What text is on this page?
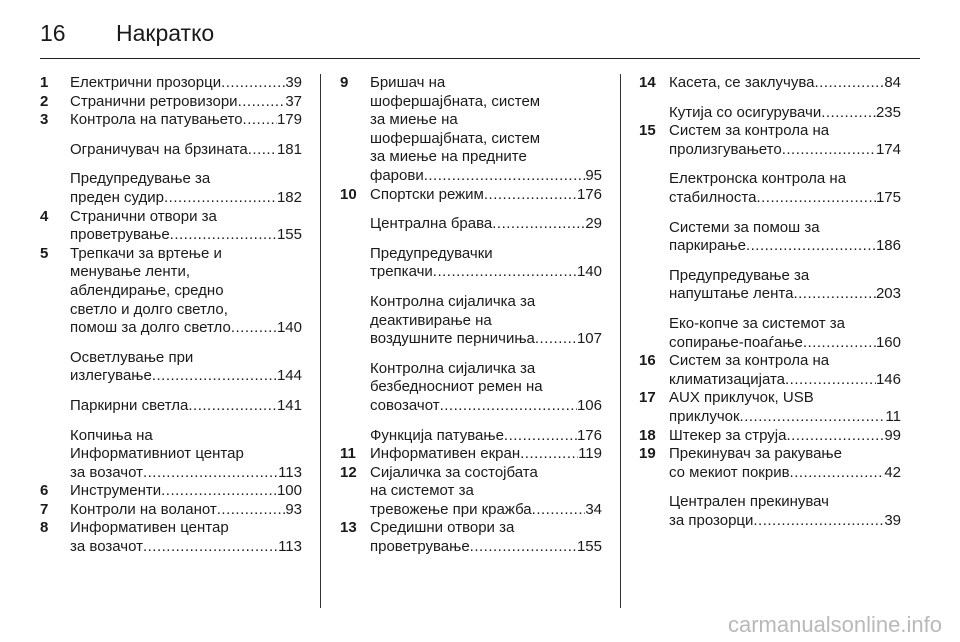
16 Накратко
1 Електрични прозорци .....	39
2 Странични ретровизори .....	37
3 Контрола на патувањето ..... 179
Ограничувач на брзината ..... 181
Предупредување за
преден судир .....	182
4 Странични отвори за
проветрување .....	155
5 Трепкачи за вртење и
менување ленти,
аблендирање, средно
светло и долго светло,
помош за долго светло .....	140
Осветлување при
излегување .....	144
Паркирни светла .....	141
Копчиња на
Информативниот центар
за возачот .....	113
6 Инструменти .....	100
7 Контроли на воланот .....	93
8 Информативен центар
за возачот .....	113
9 Бришач на
шофершајбната, систем
за миење на
шофершајбната, систем
за миење на предните
фарови .....	95
10 Спортски режим .....	176
Централна брава .....	29
Предупредувачки
трепкачи .....	140
Контролна сијаличка за
деактивирање на
воздушните перничиња .....	107
Контролна сијаличка за
безбедносниот ремен на
совозачот .....	106
Функција патување .....	176
11 Информативен екран .....	119
12 Сијаличка за состојбата
на системот за
тревожење при кражба .....	34
13 Средишни отвори за
проветрување .....	155
14 Касета, се заклучува .....	84
Кутија со осигурувачи .....	235
15 Систем за контрола на
пролизгувањето .....	174
Електронска контрола на
стабилноста .....	175
Системи за помош за
паркирање .....	186
Предупредување за
напуштање лента .....	203
Еко-копче за системот за
сопирање-поаѓање .....	160
16 Систем за контрола на
климатизацијата .....	146
17 AUX приклучок, USB
приклучок .....	11
18 Штекер за струја .....	99
19 Прекинувач за ракување
со мекиот покрив .....	42
Централен прекинувач
за прозорци .....	39
carmanualsonline.info
